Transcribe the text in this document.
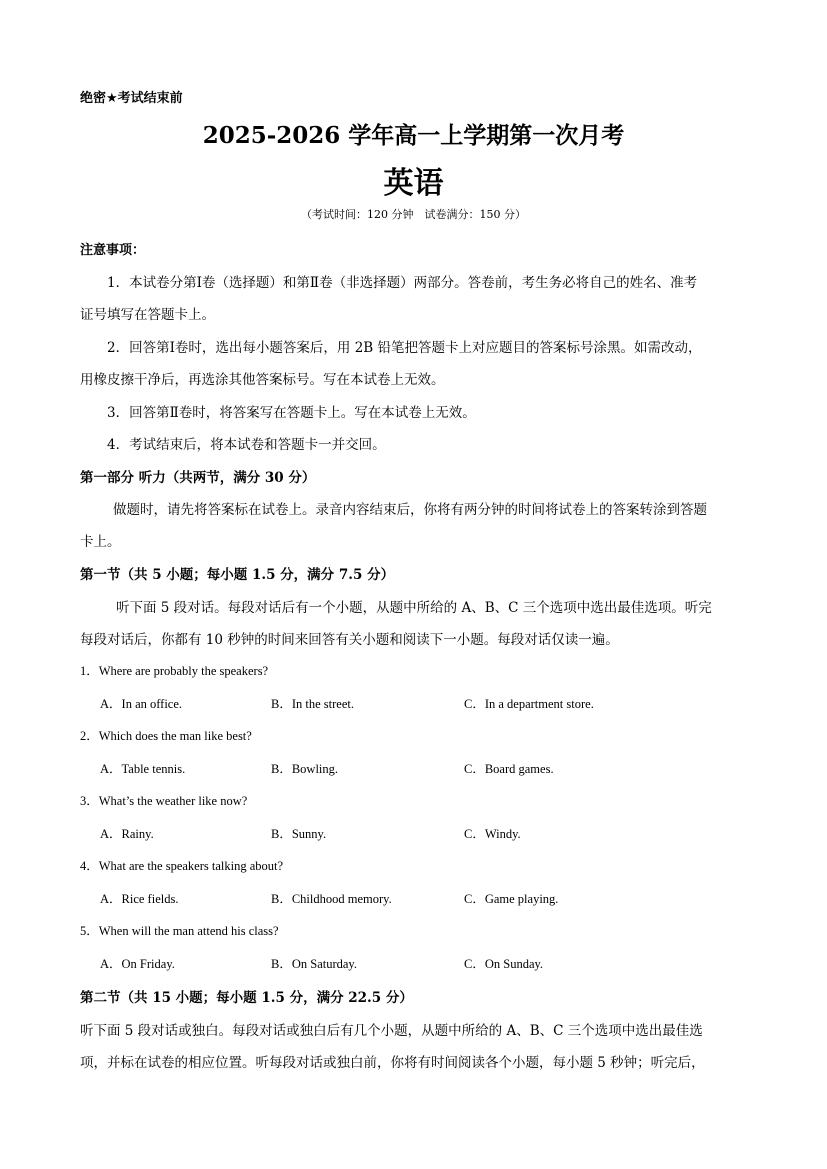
绝密★考试结束前
2025-2026 学年高一上学期第一次月考
英语
（考试时间：120 分钟　试卷满分：150 分）
注意事项：
1．本试卷分第Ⅰ卷（选择题）和第Ⅱ卷（非选择题）两部分。答卷前，考生务必将自己的姓名、准考
证号填写在答题卡上。
2．回答第Ⅰ卷时，选出每小题答案后，用 2B 铅笔把答题卡上对应题目的答案标号涂黑。如需改动，
用橡皮擦干净后，再选涂其他答案标号。写在本试卷上无效。
3．回答第Ⅱ卷时，将答案写在答题卡上。写在本试卷上无效。
4．考试结束后，将本试卷和答题卡一并交回。
第一部分 听力（共两节，满分 30 分）
做题时，请先将答案标在试卷上。录音内容结束后，你将有两分钟的时间将试卷上的答案转涂到答题
卡上。
第一节（共 5 小题；每小题 1.5 分，满分 7.5 分）
听下面 5 段对话。每段对话后有一个小题，从题中所给的 A、B、C 三个选项中选出最佳选项。听完
每段对话后，你都有 10 秒钟的时间来回答有关小题和阅读下一小题。每段对话仅读一遍。
1．Where are probably the speakers?
A．In an office.	B．In the street.	C．In a department store.
2．Which does the man like best?
A．Table tennis.	B．Bowling.	C．Board games.
3．What’s the weather like now?
A．Rainy.	B．Sunny.	C．Windy.
4．What are the speakers talking about?
A．Rice fields.	B．Childhood memory.	C．Game playing.
5．When will the man attend his class?
A．On Friday.	B．On Saturday.	C．On Sunday.
第二节（共 15 小题；每小题 1.5 分，满分 22.5 分）
听下面 5 段对话或独白。每段对话或独白后有几个小题，从题中所给的 A、B、C 三个选项中选出最佳选
项，并标在试卷的相应位置。听每段对话或独白前，你将有时间阅读各个小题，每小题 5 秒钟；听完后，
